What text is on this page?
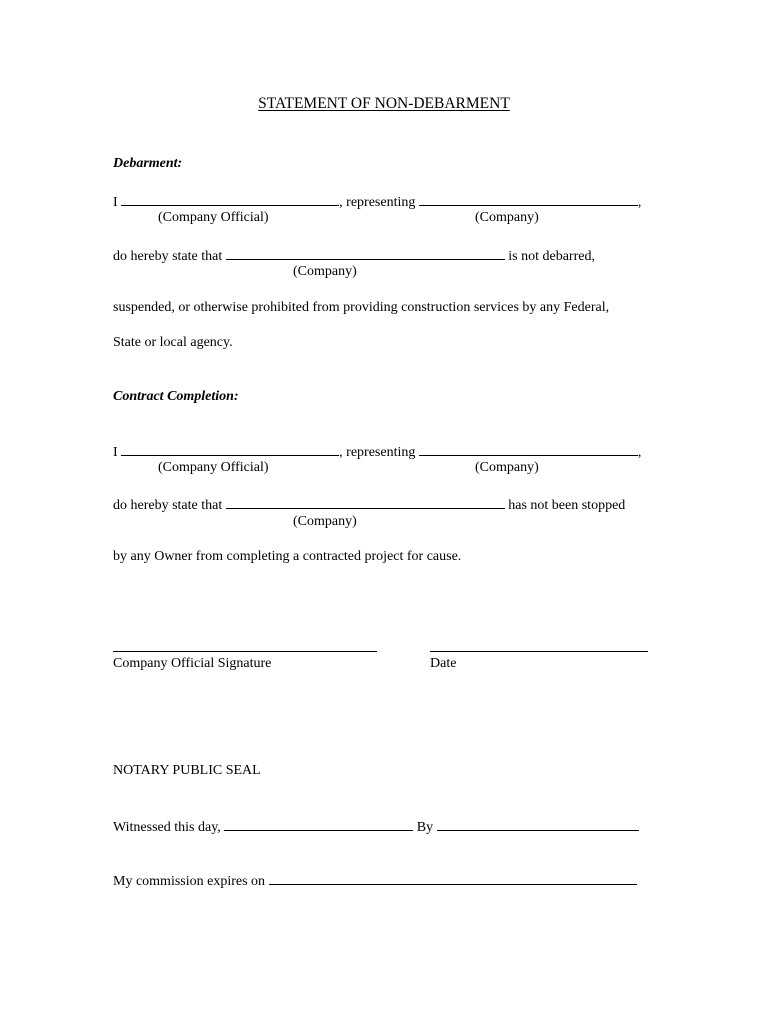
STATEMENT OF NON-DEBARMENT
Debarment:
I	, representing	,
(Company Official)	(Company)
do hereby state that	is not debarred,
(Company)
suspended, or otherwise prohibited from providing construction services by any Federal,
State or local agency.
Contract Completion:
I	, representing	,
(Company Official)	(Company)
do hereby state that	has not been stopped
(Company)
by any Owner from completing a contracted project for cause.
Company Official Signature	Date
NOTARY PUBLIC SEAL
Witnessed this day,	By
My commission expires on
